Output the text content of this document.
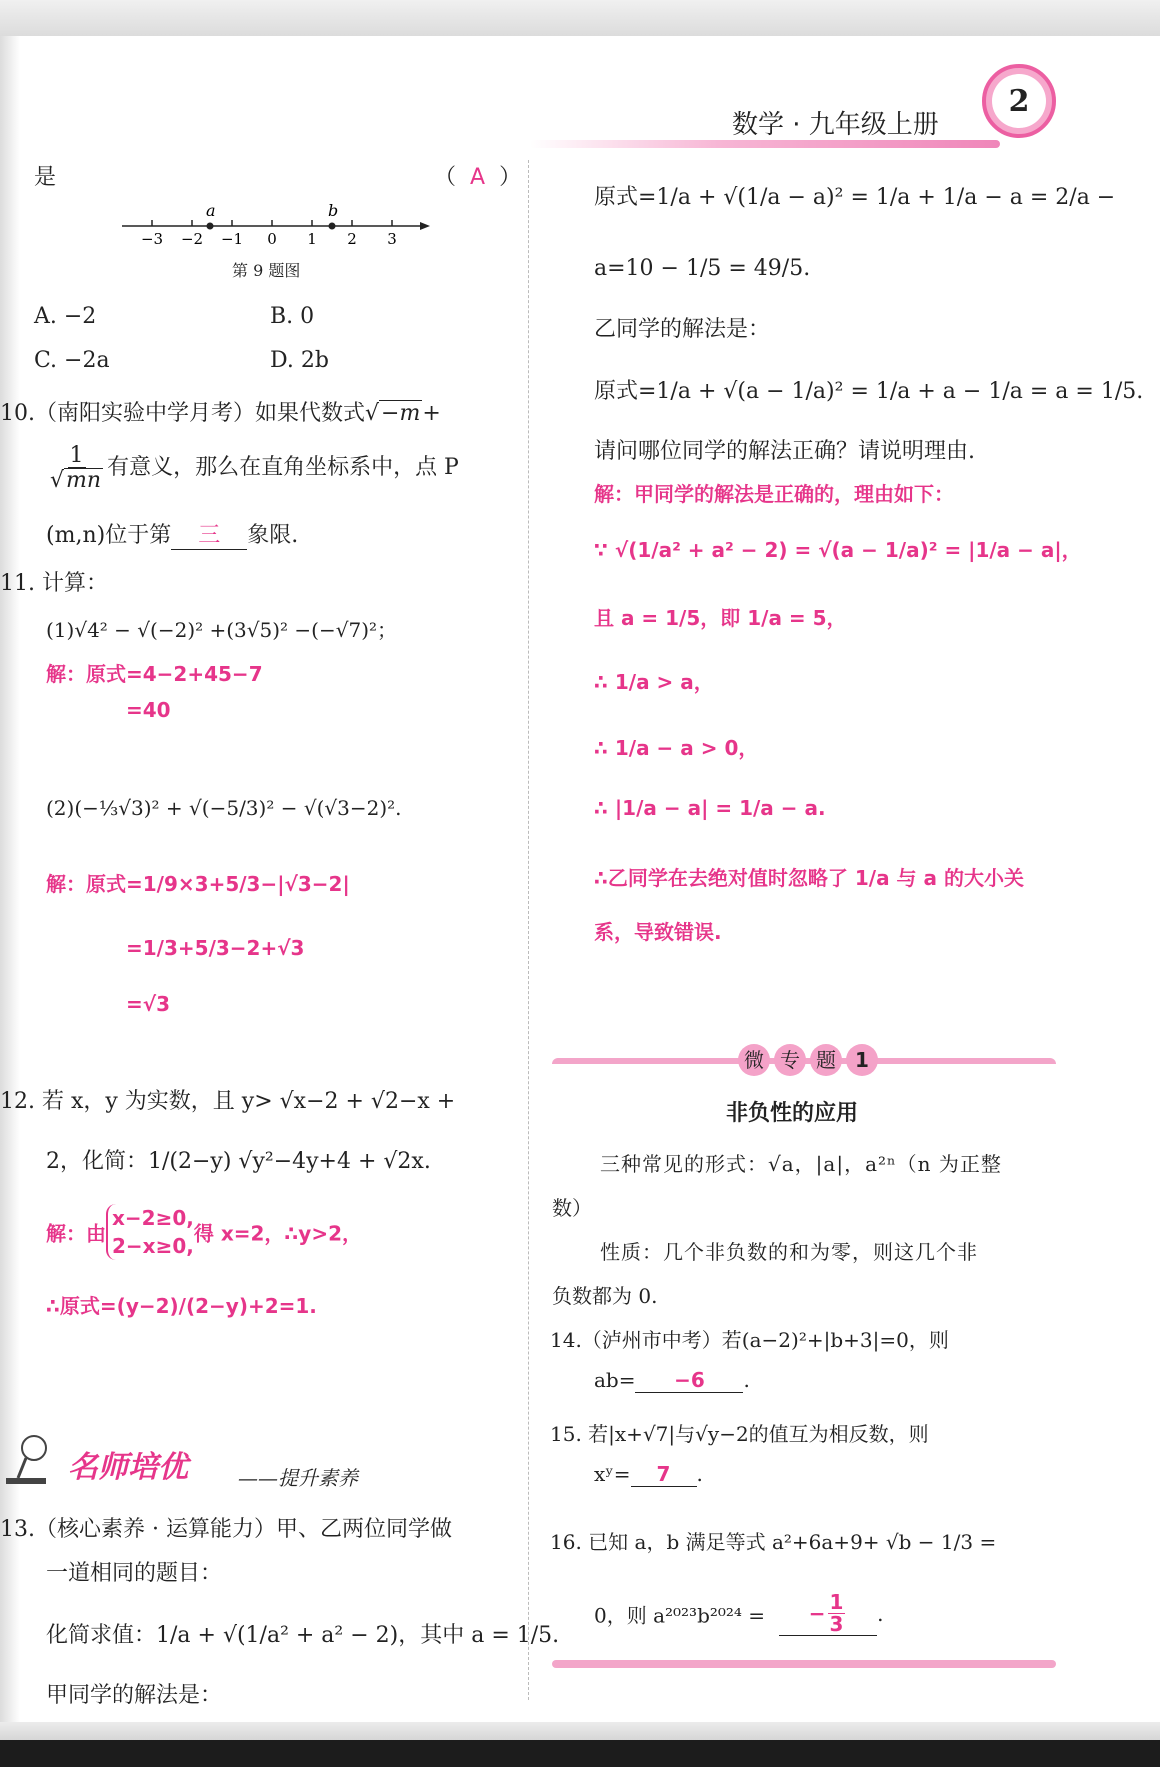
数学 · 九年级上册
2
是	（ A ）
a	b
−3 −2 −1 0 1 2 3
第 9 题图
A. −2	B. 0
C. −2a	D. 2b
10.（南阳实验中学月考）如果代数式√ −m+
1
√ mn 有意义，那么在直角坐标系中，点 P
(m,n)位于第 三 象限.
11. 计算：
(1)√4² − √(−2)² +(3√5)² −(−√7)²；
解：原式=4−2+45−7
=40
(2)(−⅓√3)² + √(−5/3)² − √(√3−2)².
解：原式=1/9×3+5/3−|√3−2|
=1/3+5/3−2+√3
=√3
12. 若 x，y 为实数，且 y> √x−2 + √2−x +
2，化简：1/(2−y) √y²−4y+4 + √2x.
解：由
x−2≥0,
2−x≥0,
得 x=2，∴y>2，
∴原式=(y−2)/(2−y)+2=1.
名师培优	——提升素养
13.（核心素养 · 运算能力）甲、乙两位同学做
一道相同的题目：
化简求值：1/a + √(1/a² + a² − 2)，其中 a = 1/5.
甲同学的解法是：
原式=1/a + √(1/a − a)² = 1/a + 1/a − a = 2/a −
a=10 − 1/5 = 49/5.
乙同学的解法是：
原式=1/a + √(a − 1/a)² = 1/a + a − 1/a = a = 1/5.
请问哪位同学的解法正确？请说明理由.
解：甲同学的解法是正确的，理由如下：
∵ √(1/a² + a² − 2) = √(a − 1/a)² = |1/a − a|，
且 a = 1/5，即 1/a = 5，
∴ 1/a > a，
∴ 1/a − a > 0，
∴ |1/a − a| = 1/a − a.
∴乙同学在去绝对值时忽略了 1/a 与 a 的大小关
系，导致错误.
微 专 题 1
非负性的应用
三种常见的形式：√a，|a|，a²ⁿ（n 为正整
数）
性质：几个非负数的和为零，则这几个非
负数都为 0.
14.（泸州市中考）若(a−2)²+|b+3|=0，则
ab= −6 .
15. 若|x+√7|与√y−2的值互为相反数，则
xʸ= 7 .
16. 已知 a，b 满足等式 a²+6a+9+ √b − 1/3 =
0，则 a²⁰²³b²⁰²⁴ = − $\frac{1}{3}$ .
